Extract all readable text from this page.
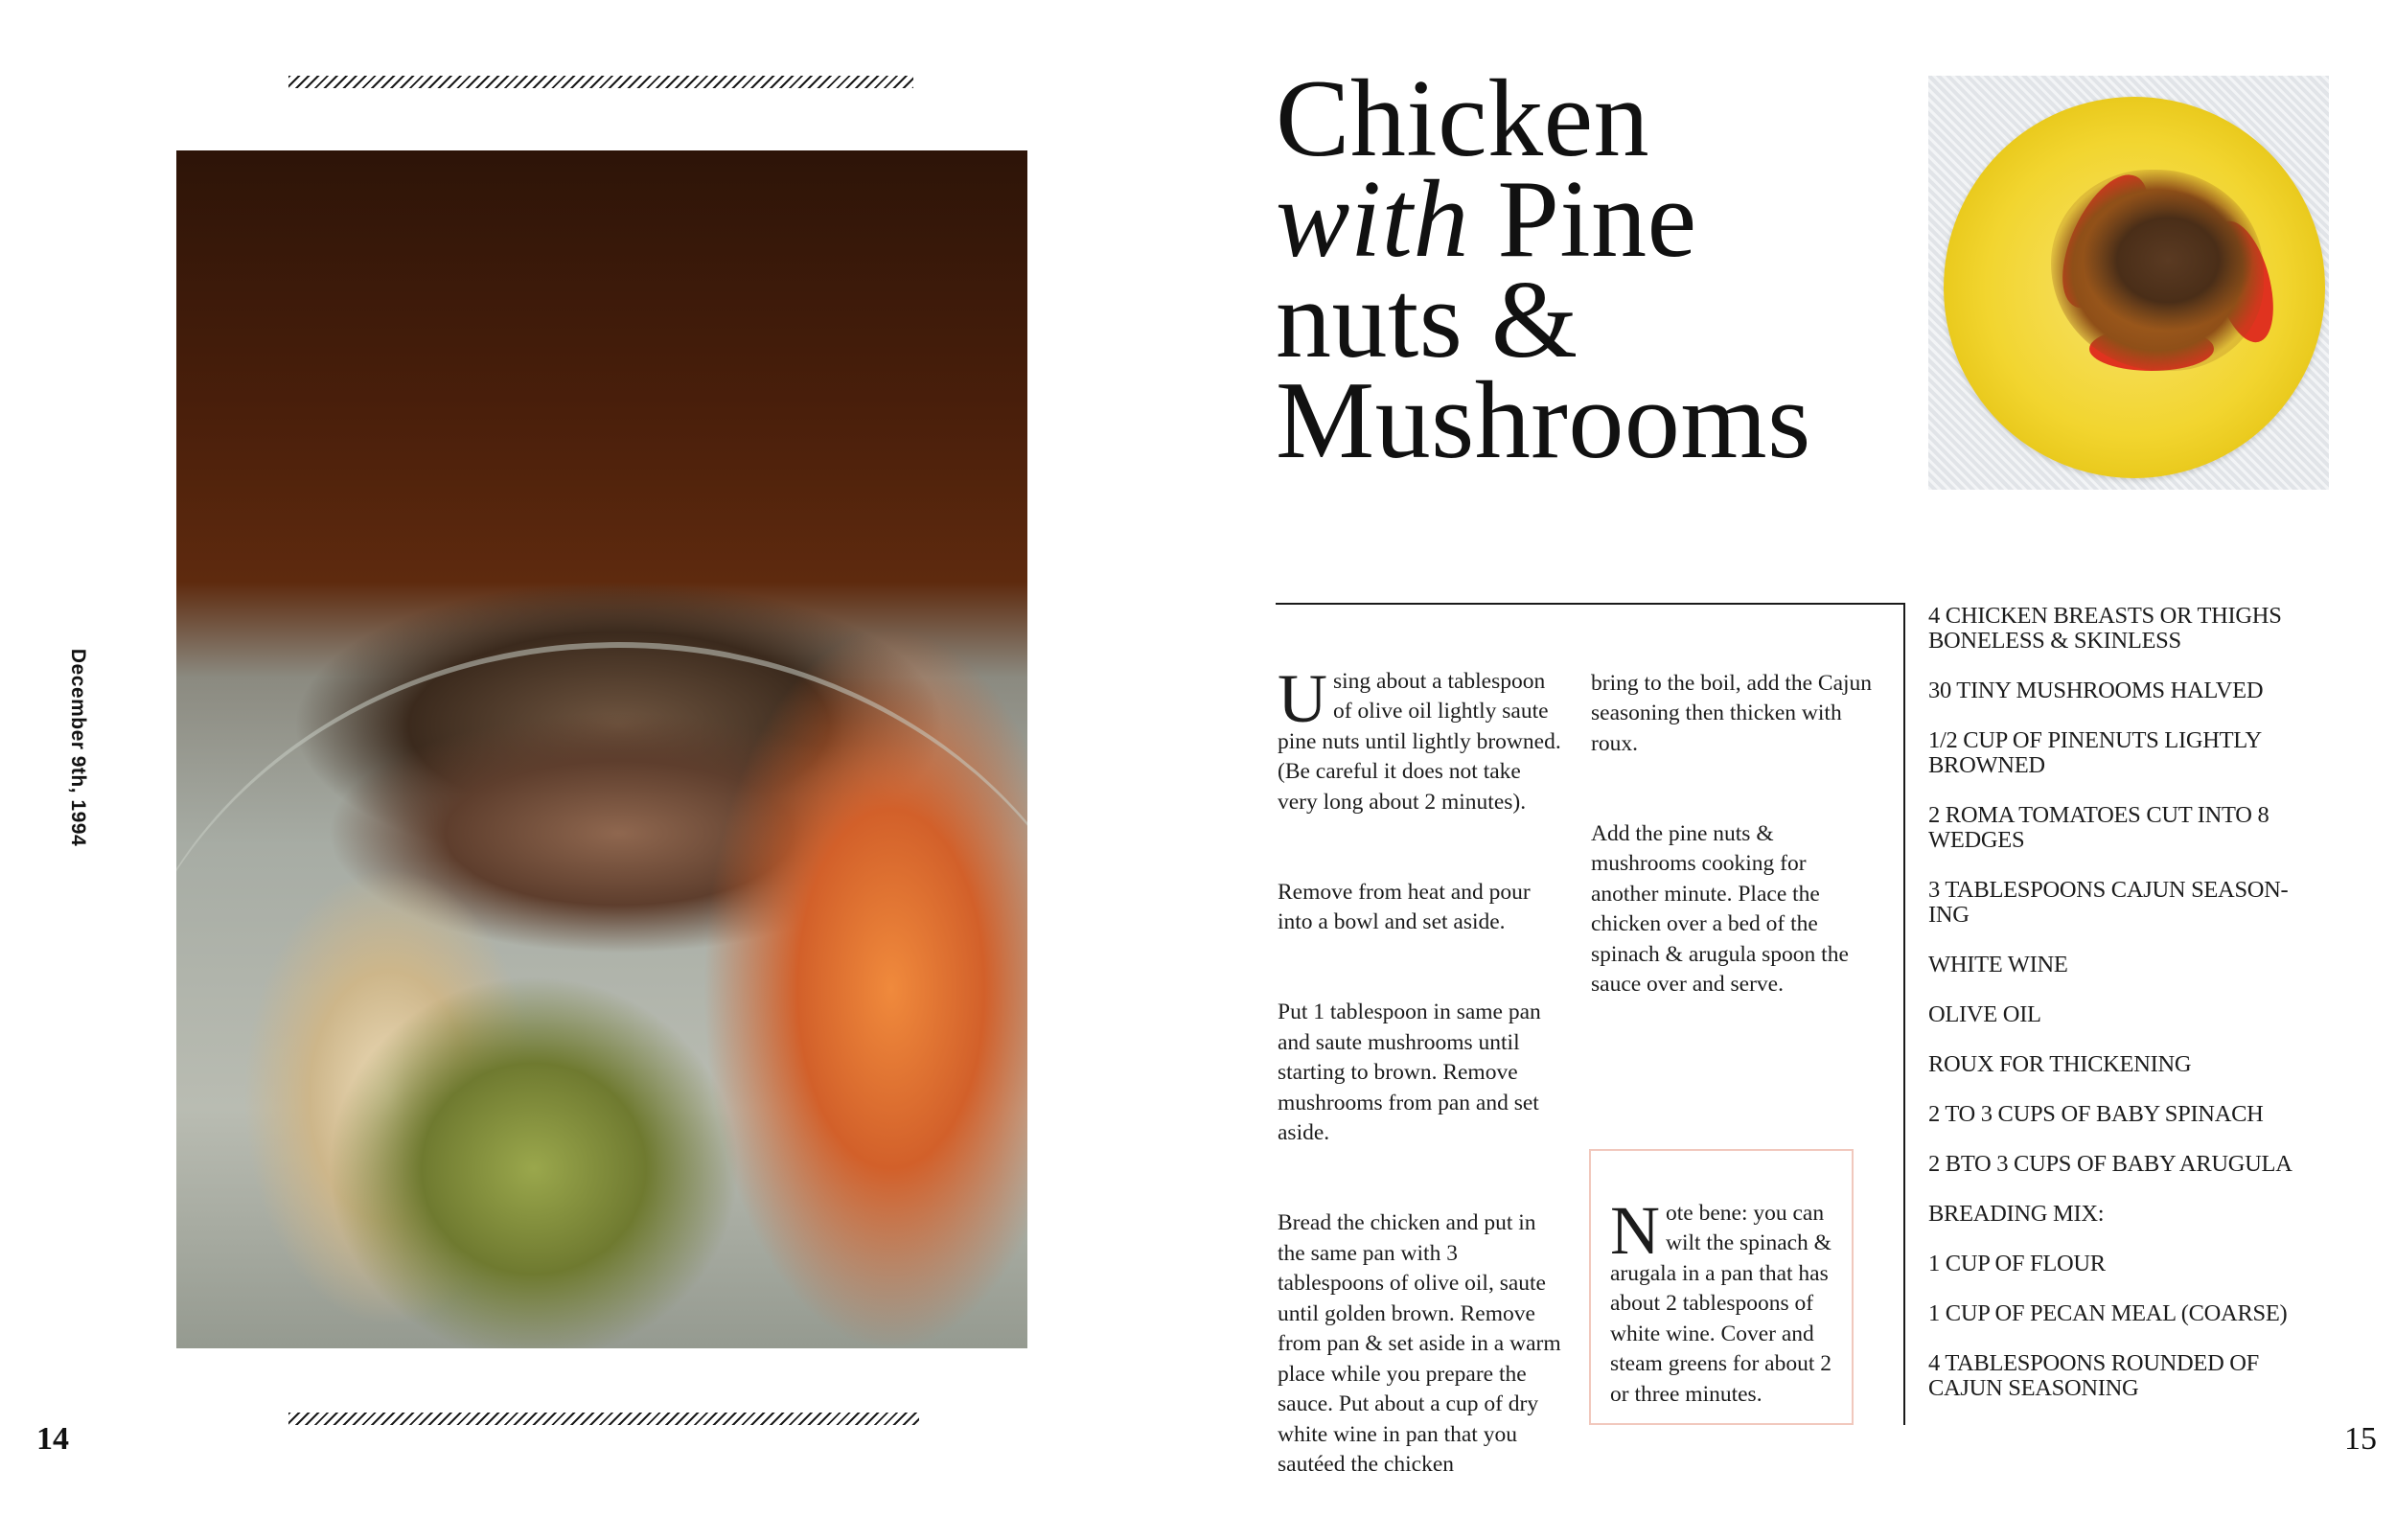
December 9th, 1994
14	15
Chicken
with Pine
nuts &
Mushrooms

Using about a tablespoon of olive oil lightly saute pine nuts until lightly browned. (Be careful it does not take very long about 2 minutes).

Remove from heat and pour into a bowl and set aside.

Put 1 tablespoon in same pan and saute mushrooms until starting to brown. Remove mushrooms from pan and set aside.

Bread the chicken and put in the same pan with 3 tablespoons of olive oil, saute until golden brown. Remove from pan & set aside in a warm place while you prepare the sauce. Put about a cup of dry white wine in pan that you sautéed the chicken

bring to the boil, add the Cajun seasoning then thicken with roux.

Add the pine nuts & mushrooms cooking for another minute. Place the chicken over a bed of the spinach & arugula spoon the sauce over and serve.

Note bene: you can wilt the spinach & arugala in a pan that has about 2 tablespoons of white wine. Cover and steam greens for about 2 or three minutes.

4 CHICKEN BREASTS OR THIGHS BONELESS & SKINLESS
30 TINY MUSHROOMS HALVED
1/2 CUP OF PINENUTS LIGHTLY BROWNED
2 ROMA TOMATOES CUT INTO 8 WEDGES
3 TABLESPOONS CAJUN SEASON- ING
WHITE WINE
OLIVE OIL
ROUX FOR THICKENING
2 TO 3 CUPS OF BABY SPINACH
2 BTO 3 CUPS OF BABY ARUGULA
BREADING MIX:
1 CUP OF FLOUR
1 CUP OF PECAN MEAL (COARSE)
4 TABLESPOONS ROUNDED OF CAJUN SEASONING
